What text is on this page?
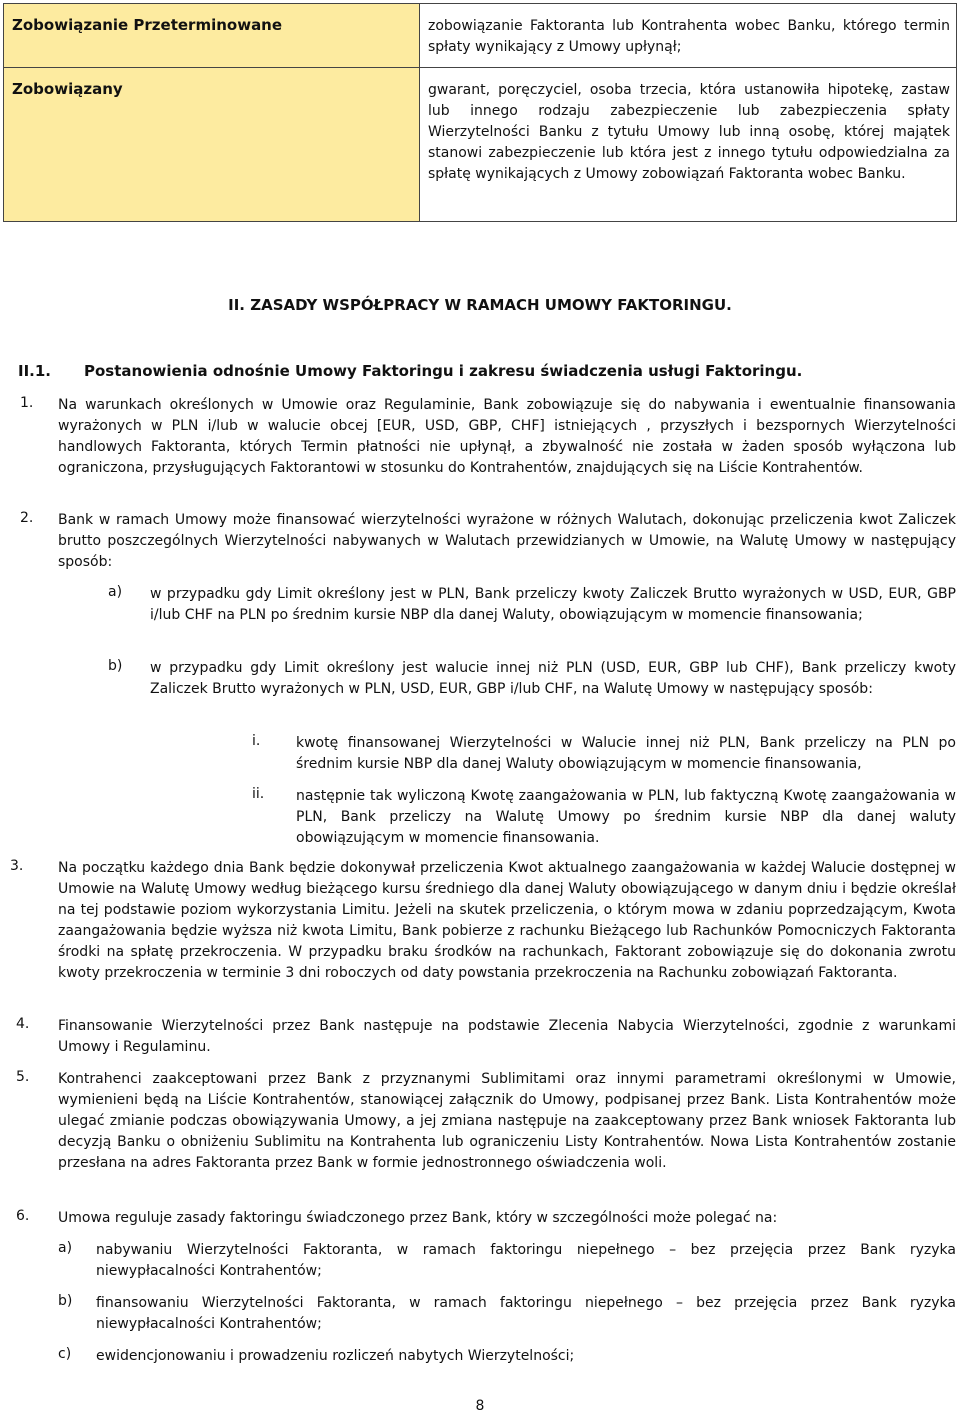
Zobowiązanie Przeterminowane	zobowiązanie Faktoranta lub Kontrahenta wobec Banku, którego termin spłaty wynikający z Umowy upłynął;
Zobowiązany	gwarant, poręczyciel, osoba trzecia, która ustanowiła hipotekę, zastaw lub innego rodzaju zabezpieczenie lub zabezpieczenia spłaty Wierzytelności Banku z tytułu Umowy lub inną osobę, której majątek stanowi zabezpieczenie lub która jest z innego tytułu odpowiedzialna za spłatę wynikających z Umowy zobowiązań Faktoranta wobec Banku.
II. ZASADY WSPÓŁPRACY W RAMACH UMOWY FAKTORINGU.
II.1. Postanowienia odnośnie Umowy Faktoringu i zakresu świadczenia usługi Faktoringu.
1. Na warunkach określonych w Umowie oraz Regulaminie, Bank zobowiązuje się do nabywania i ewentualnie finansowania wyrażonych w PLN i/lub w walucie obcej [EUR, USD, GBP, CHF] istniejących , przyszłych i bezspornych Wierzytelności handlowych Faktoranta, których Termin płatności nie upłynął, a zbywalność nie została w żaden sposób wyłączona lub ograniczona, przysługujących Faktorantowi w stosunku do Kontrahentów, znajdujących się na Liście Kontrahentów.
2. Bank w ramach Umowy może finansować wierzytelności wyrażone w różnych Walutach, dokonując przeliczenia kwot Zaliczek brutto poszczególnych Wierzytelności nabywanych w Walutach przewidzianych w Umowie, na Walutę Umowy w następujący sposób:
a) w przypadku gdy Limit określony jest w PLN, Bank przeliczy kwoty Zaliczek Brutto wyrażonych w USD, EUR, GBP i/lub CHF na PLN po średnim kursie NBP dla danej Waluty, obowiązującym w momencie finansowania;
b) w przypadku gdy Limit określony jest walucie innej niż PLN (USD, EUR, GBP lub CHF), Bank przeliczy kwoty Zaliczek Brutto wyrażonych w PLN, USD, EUR, GBP i/lub CHF, na Walutę Umowy w następujący sposób:
i.	kwotę finansowanej Wierzytelności w Walucie innej niż PLN, Bank przeliczy na PLN po średnim kursie NBP dla danej Waluty obowiązującym w momencie finansowania,
ii. następnie tak wyliczoną Kwotę zaangażowania w PLN, lub faktyczną Kwotę zaangażowania w PLN, Bank przeliczy na Walutę Umowy po średnim kursie NBP dla danej waluty obowiązującym w momencie finansowania.
3. Na początku każdego dnia Bank będzie dokonywał przeliczenia Kwot aktualnego zaangażowania w każdej Walucie dostępnej w Umowie na Walutę Umowy według bieżącego kursu średniego dla danej Waluty obowiązującego w danym dniu i będzie określał na tej podstawie poziom wykorzystania Limitu. Jeżeli na skutek przeliczenia, o którym mowa w zdaniu poprzedzającym, Kwota zaangażowania będzie wyższa niż kwota Limitu, Bank pobierze z rachunku Bieżącego lub Rachunków Pomocniczych Faktoranta środki na spłatę przekroczenia. W przypadku braku środków na rachunkach, Faktorant zobowiązuje się do dokonania zwrotu kwoty przekroczenia w terminie 3 dni roboczych od daty powstania przekroczenia na Rachunku zobowiązań Faktoranta.
4. Finansowanie Wierzytelności przez Bank następuje na podstawie Zlecenia Nabycia Wierzytelności, zgodnie z warunkami Umowy i Regulaminu.
5. Kontrahenci zaakceptowani przez Bank z przyznanymi Sublimitami oraz innymi parametrami określonymi w Umowie, wymienieni będą na Liście Kontrahentów, stanowiącej załącznik do Umowy, podpisanej przez Bank. Lista Kontrahentów może ulegać zmianie podczas obowiązywania Umowy, a jej zmiana następuje na zaakceptowany przez Bank wniosek Faktoranta lub decyzją Banku o obniżeniu Sublimitu na Kontrahenta lub ograniczeniu Listy Kontrahentów. Nowa Lista Kontrahentów zostanie przesłana na adres Faktoranta przez Bank w formie jednostronnego oświadczenia woli.
6. Umowa reguluje zasady faktoringu świadczonego przez Bank, który w szczególności może polegać na:
a) nabywaniu Wierzytelności Faktoranta, w ramach faktoringu niepełnego – bez przejęcia przez Bank ryzyka niewypłacalności Kontrahentów;
b) finansowaniu Wierzytelności Faktoranta, w ramach faktoringu niepełnego – bez przejęcia przez Bank ryzyka niewypłacalności Kontrahentów;
c) ewidencjonowaniu i prowadzeniu rozliczeń nabytych Wierzytelności;
8
